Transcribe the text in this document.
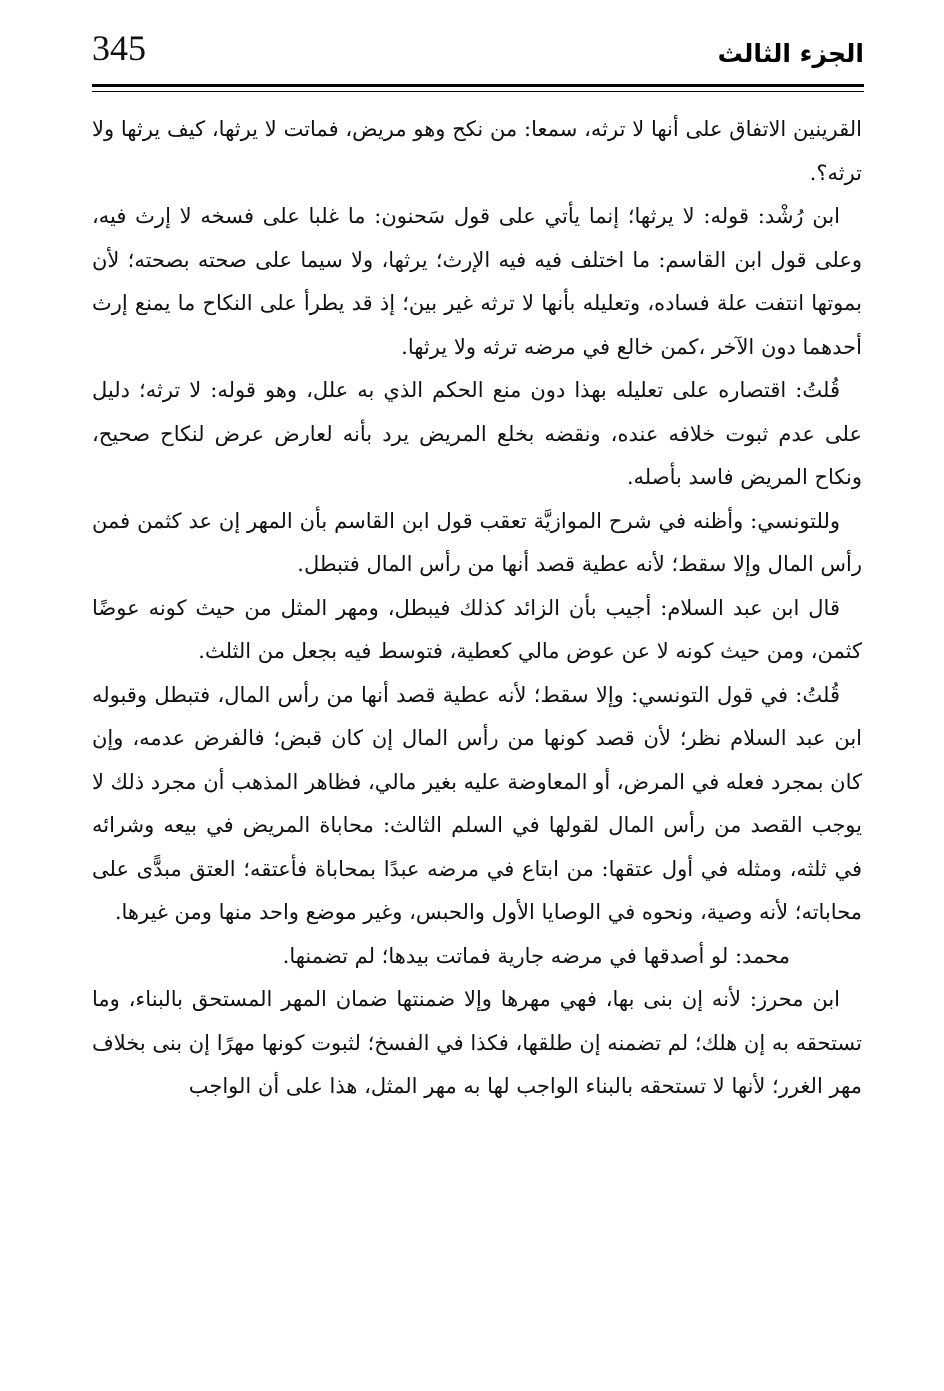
345	الجزء الثالث

القرينين الاتفاق على أنها لا ترثه، سمعا: من نكح وهو مريض، فماتت لا يرثها، كيف يرثها ولا ترثه؟.

ابن رُشْد: قوله: لا يرثها؛ إنما يأتي على قول سَحنون: ما غلبا على فسخه لا إرث فيه، وعلى قول ابن القاسم: ما اختلف فيه فيه الإرث؛ يرثها، ولا سيما على صحته بصحته؛ لأن بموتها انتفت علة فساده، وتعليله بأنها لا ترثه غير بين؛ إذ قد يطرأ على النكاح ما يمنع إرث أحدهما دون الآخر ،كمن خالع في مرضه ترثه ولا يرثها.

قُلتُ: اقتصاره على تعليله بهذا دون منع الحكم الذي به علل، وهو قوله: لا ترثه؛ دليل على عدم ثبوت خلافه عنده، ونقضه بخلع المريض يرد بأنه لعارض عرض لنكاح صحيح، ونكاح المريض فاسد بأصله.

وللتونسي: وأظنه في شرح الموازيَّة تعقب قول ابن القاسم بأن المهر إن عد كثمن فمن رأس المال وإلا سقط؛ لأنه عطية قصد أنها من رأس المال فتبطل.

قال ابن عبد السلام: أجيب بأن الزائد كذلك فيبطل، ومهر المثل من حيث كونه عوضًا كثمن، ومن حيث كونه لا عن عوض مالي كعطية، فتوسط فيه بجعل من الثلث.

قُلتُ: في قول التونسي: وإلا سقط؛ لأنه عطية قصد أنها من رأس المال، فتبطل وقبوله ابن عبد السلام نظر؛ لأن قصد كونها من رأس المال إن كان قبض؛ فالفرض عدمه، وإن كان بمجرد فعله في المرض، أو المعاوضة عليه بغير مالي، فظاهر المذهب أن مجرد ذلك لا يوجب القصد من رأس المال لقولها في السلم الثالث: محاباة المريض في بيعه وشرائه في ثلثه، ومثله في أول عتقها: من ابتاع في مرضه عبدًا بمحاباة فأعتقه؛ العتق مبدًّى على محاباته؛ لأنه وصية، ونحوه في الوصايا الأول والحبس، وغير موضع واحد منها ومن غيرها.

محمد: لو أصدقها في مرضه جارية فماتت بيدها؛ لم تضمنها.

ابن محرز: لأنه إن بنى بها، فهي مهرها وإلا ضمنتها ضمان المهر المستحق بالبناء، وما تستحقه به إن هلك؛ لم تضمنه إن طلقها، فكذا في الفسخ؛ لثبوت كونها مهرًا إن بنى بخلاف مهر الغرر؛ لأنها لا تستحقه بالبناء الواجب لها به مهر المثل، هذا على أن الواجب
